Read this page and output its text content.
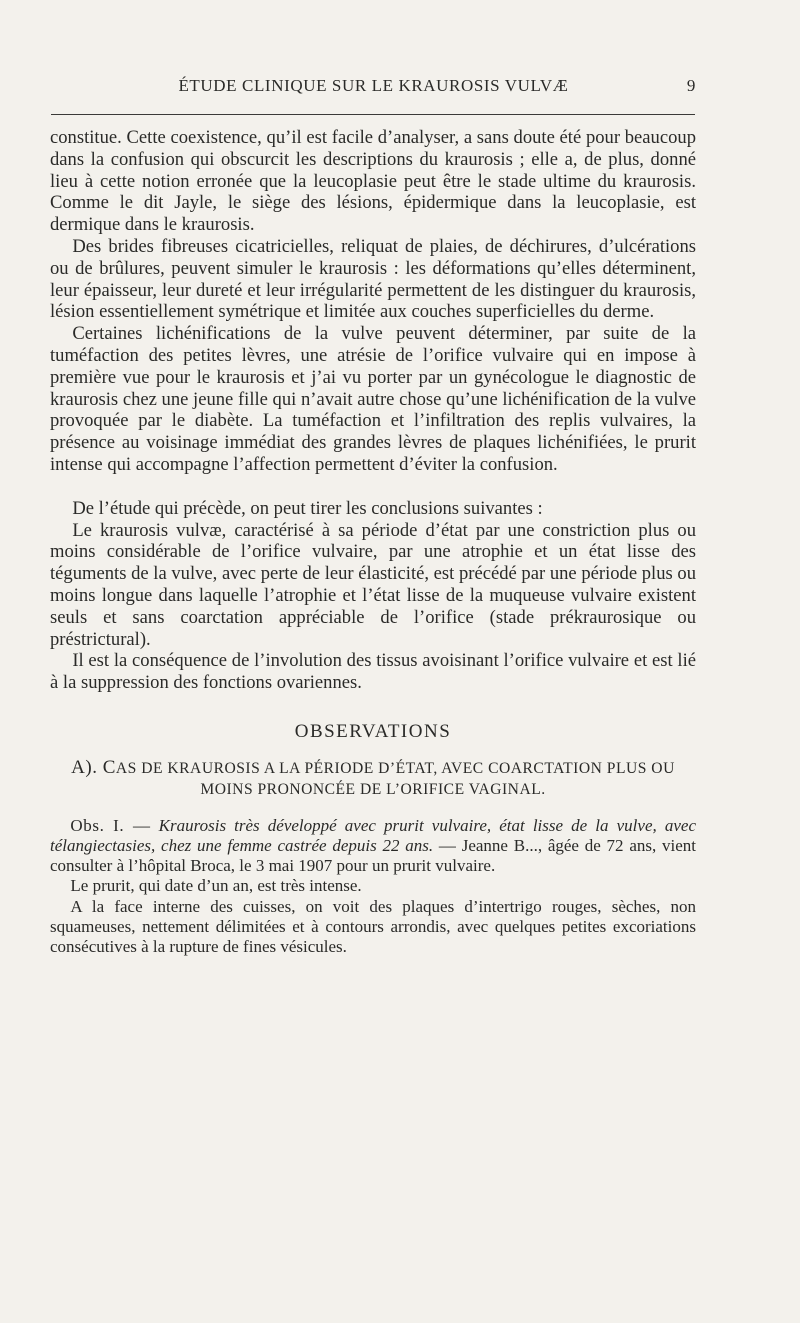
ÉTUDE CLINIQUE SUR LE KRAUROSIS VULVÆ	9

constitue. Cette coexistence, qu’il est facile d’analyser, a sans doute été pour beaucoup dans la confusion qui obscurcit les descriptions du kraurosis ; elle a, de plus, donné lieu à cette notion erronée que la leucoplasie peut être le stade ultime du kraurosis. Comme le dit Jayle, le siège des lésions, épidermique dans la leucoplasie, est dermique dans le kraurosis.

Des brides fibreuses cicatricielles, reliquat de plaies, de déchirures, d’ulcérations ou de brûlures, peuvent simuler le kraurosis : les déformations qu’elles déterminent, leur épaisseur, leur dureté et leur irrégularité permettent de les distinguer du kraurosis, lésion essentiellement symétrique et limitée aux couches superficielles du derme.

Certaines lichénifications de la vulve peuvent déterminer, par suite de la tuméfaction des petites lèvres, une atrésie de l’orifice vulvaire qui en impose à première vue pour le kraurosis et j’ai vu porter par un gynécologue le diagnostic de kraurosis chez une jeune fille qui n’avait autre chose qu’une lichénification de la vulve provoquée par le diabète. La tuméfaction et l’infiltration des replis vulvaires, la présence au voisinage immédiat des grandes lèvres de plaques lichénifiées, le prurit intense qui accompagne l’affection permettent d’éviter la confusion.

De l’étude qui précède, on peut tirer les conclusions suivantes :

Le kraurosis vulvæ, caractérisé à sa période d’état par une constriction plus ou moins considérable de l’orifice vulvaire, par une atrophie et un état lisse des téguments de la vulve, avec perte de leur élasticité, est précédé par une période plus ou moins longue dans laquelle l’atrophie et l’état lisse de la muqueuse vulvaire existent seuls et sans coarctation appréciable de l’orifice (stade prékraurosique ou préstrictural).

Il est la conséquence de l’involution des tissus avoisinant l’orifice vulvaire et est lié à la suppression des fonctions ovariennes.

OBSERVATIONS

A). CAS DE KRAUROSIS A LA PÉRIODE D’ÉTAT, AVEC COARCTATION PLUS OU MOINS PRONONCÉE DE L’ORIFICE VAGINAL.

Obs. I. — Kraurosis très développé avec prurit vulvaire, état lisse de la vulve, avec télangiectasies, chez une femme castrée depuis 22 ans. — Jeanne B..., âgée de 72 ans, vient consulter à l’hôpital Broca, le 3 mai 1907 pour un prurit vulvaire.

Le prurit, qui date d’un an, est très intense.

A la face interne des cuisses, on voit des plaques d’intertrigo rouges, sèches, non squameuses, nettement délimitées et à contours arrondis, avec quelques petites excoriations consécutives à la rupture de fines vésicules.
